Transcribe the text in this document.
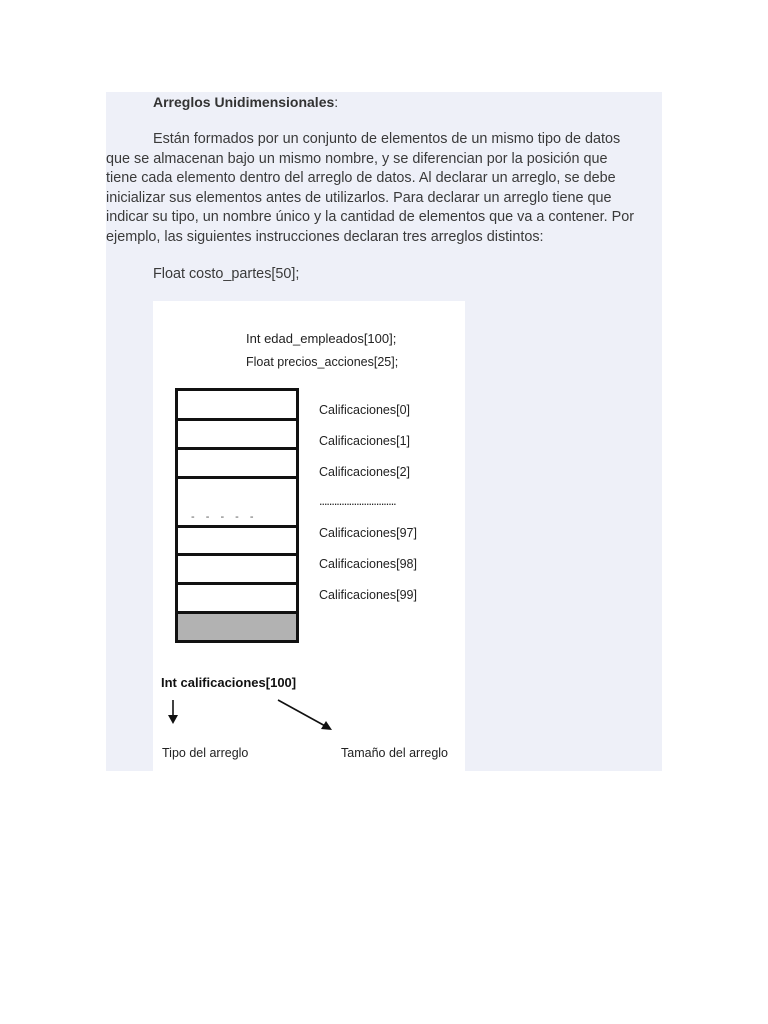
Arreglos Unidimensionales:
Están formados por un conjunto de elementos de un mismo tipo de datos
que se almacenan bajo un mismo nombre, y se diferencian por la posición que
tiene cada elemento dentro del arreglo de datos. Al declarar un arreglo, se debe
inicializar sus elementos antes de utilizarlos. Para declarar un arreglo tiene que
indicar su tipo, un nombre único y la cantidad de elementos que va a contener. Por
ejemplo, las siguientes instrucciones declaran tres arreglos distintos:
Float costo_partes[50];
Int edad_empleados[100];
Float precios_acciones[25];
- - - - -
Calificaciones[0]
Calificaciones[1]
Calificaciones[2]
...............................
Calificaciones[97]
Calificaciones[98]
Calificaciones[99]
Int calificaciones[100]
Tipo del arreglo	Tamaño del arreglo
